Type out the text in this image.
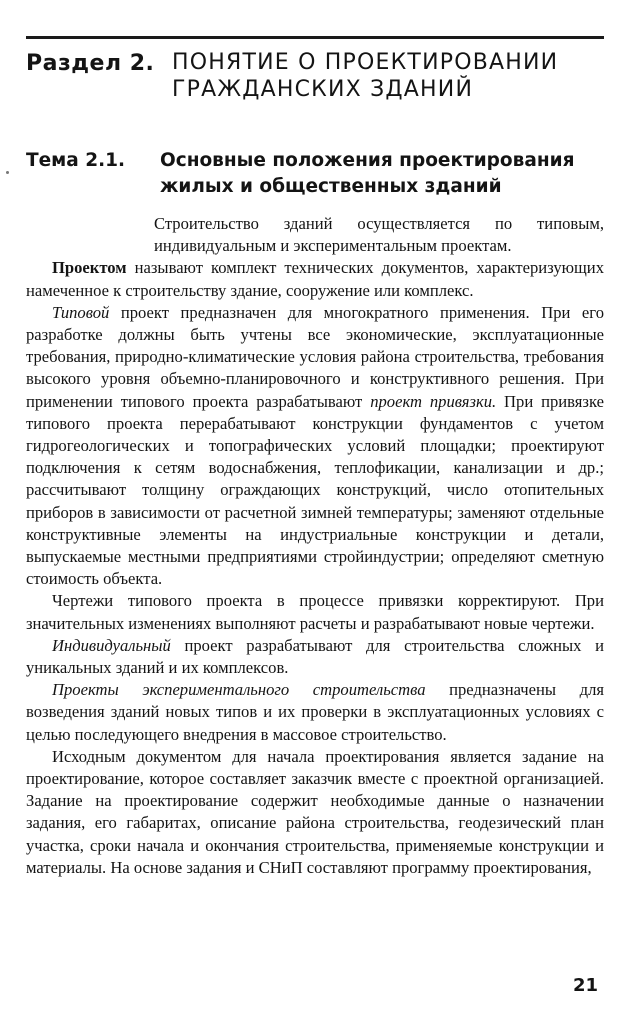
Раздел 2. ПОНЯТИЕ О ПРОЕКТИРОВАНИИ
ГРАЖДАНСКИХ ЗДАНИЙ
Тема 2.1. Основные положения проектирования
жилых и общественных зданий

Строительство зданий осуществляется по типовым, индивидуальным и экспериментальным проектам.

Проектом называют комплект технических документов, характеризующих намеченное к строительству здание, сооружение или комплекс.

Типовой проект предназначен для многократного применения. При его разработке должны быть учтены все экономические, эксплуатационные требования, природно-климатические условия района строительства, требования высокого уровня объемно-планировочного и конструктивного решения. При применении типового проекта разрабатывают проект привязки. При привязке типового проекта перерабатывают конструкции фундаментов с учетом гидрогеологических и топографических условий площадки; проектируют подключения к сетям водоснабжения, теплофикации, канализации и др.; рассчитывают толщину ограждающих конструкций, число отопительных приборов в зависимости от расчетной зимней температуры; заменяют отдельные конструктивные элементы на индустриальные конструкции и детали, выпускаемые местными предприятиями стройиндустрии; определяют сметную стоимость объекта.

Чертежи типового проекта в процессе привязки корректируют. При значительных изменениях выполняют расчеты и разрабатывают новые чертежи.

Индивидуальный проект разрабатывают для строительства сложных и уникальных зданий и их комплексов.

Проекты экспериментального строительства предназначены для возведения зданий новых типов и их проверки в эксплуатационных условиях с целью последующего внедрения в массовое строительство.

Исходным документом для начала проектирования является задание на проектирование, которое составляет заказчик вместе с проектной организацией. Задание на проектирование содержит необходимые данные о назначении задания, его габаритах, описание района строительства, геодезический план участка, сроки начала и окончания строительства, применяемые конструкции и материалы. На основе задания и СНиП составляют программу проектирования,

21
